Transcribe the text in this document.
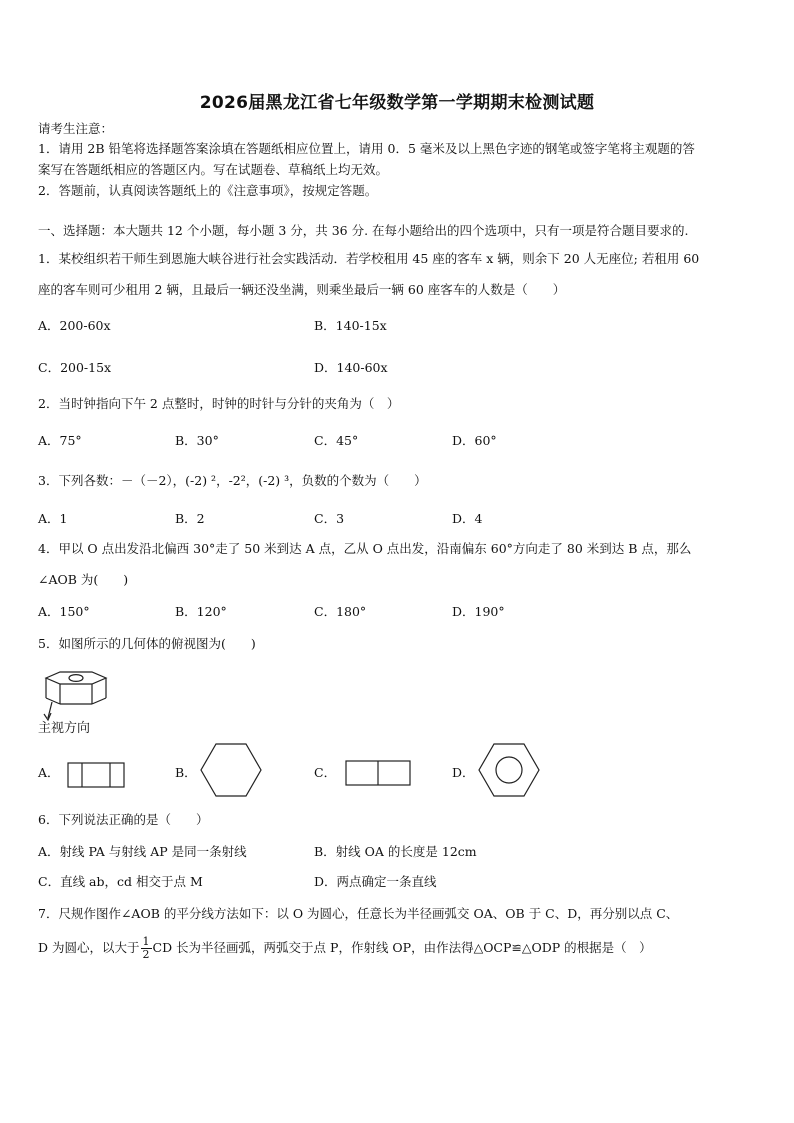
2026届黑龙江省七年级数学第一学期期末检测试题
请考生注意：
1．请用 2B 铅笔将选择题答案涂填在答题纸相应位置上，请用 0．5 毫米及以上黑色字迹的钢笔或签字笔将主观题的答
案写在答题纸相应的答题区内。写在试题卷、草稿纸上均无效。
2．答题前，认真阅读答题纸上的《注意事项》，按规定答题。
一、选择题：本大题共 12 个小题，每小题 3 分，共 36 分. 在每小题给出的四个选项中，只有一项是符合题目要求的.
1．某校组织若干师生到恩施大峡谷进行社会实践活动．若学校租用 45 座的客车 x 辆，则余下 20 人无座位; 若租用 60
座的客车则可少租用 2 辆，且最后一辆还没坐满，则乘坐最后一辆 60 座客车的人数是（　　）
A．200-60x	B．140-15x
C．200-15x	D．140-60x
2．当时钟指向下午 2 点整时，时钟的时针与分针的夹角为（　）
A．75°	B．30°	C．45°	D．60°
3．下列各数：－（－2），(-2) ²，-2²，(-2) ³，负数的个数为（　　）
A．1	B．2	C．3	D．4
4．甲以 O 点出发沿北偏西 30°走了 50 米到达 A 点，乙从 O 点出发，沿南偏东 60°方向走了 80 米到达 B 点，那么
∠AOB 为(　　)
A．150°	B．120°	C．180°	D．190°
5．如图所示的几何体的俯视图为(　　)
主视方向
A．	B．	C．	D．
6．下列说法正确的是（　　）
A．射线 PA 与射线 AP 是同一条射线	B．射线 OA 的长度是 12cm
C．直线 ab，cd 相交于点 M	D．两点确定一条直线
7．尺规作图作∠AOB 的平分线方法如下：以 O 为圆心，任意长为半径画弧交 OA、OB 于 C、D，再分别以点 C、
D 为圆心，以大于 $\frac{1}{2}$ CD 长为半径画弧，两弧交于点 P，作射线 OP，由作法得△OCP≌△ODP 的根据是（　）
